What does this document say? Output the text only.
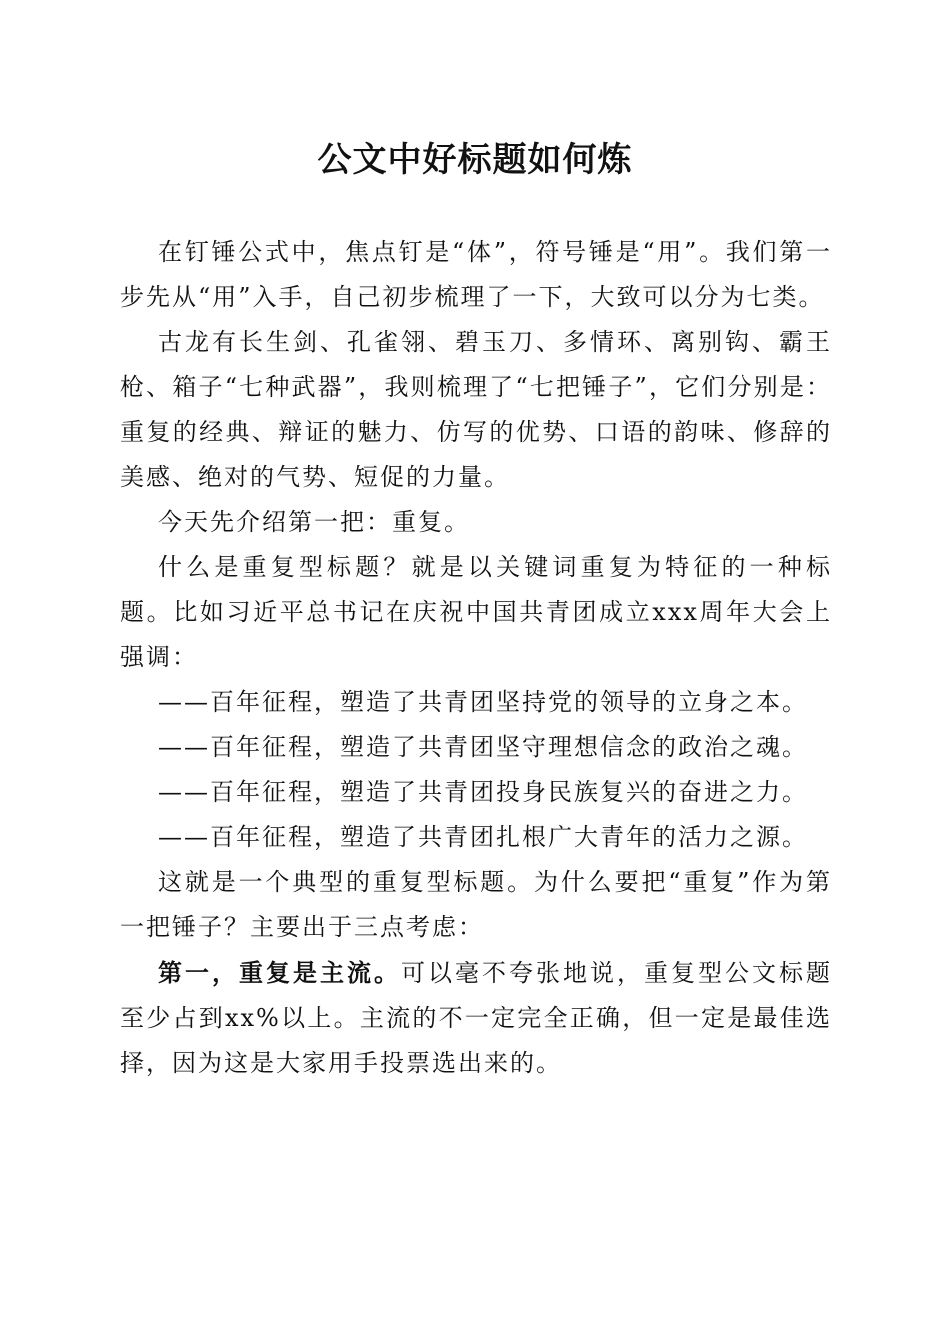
公文中好标题如何炼

在钉锤公式中，焦点钉是“体”，符号锤是“用”。我们第一步先从“用”入手，自己初步梳理了一下，大致可以分为七类。

古龙有长生剑、孔雀翎、碧玉刀、多情环、离别钩、霸王枪、箱子“七种武器”，我则梳理了“七把锤子”，它们分别是：重复的经典、辩证的魅力、仿写的优势、口语的韵味、修辞的美感、绝对的气势、短促的力量。

今天先介绍第一把：重复。

什么是重复型标题？就是以关键词重复为特征的一种标题。比如习近平总书记在庆祝中国共青团成立xxx周年大会上强调：

——百年征程，塑造了共青团坚持党的领导的立身之本。

——百年征程，塑造了共青团坚守理想信念的政治之魂。

——百年征程，塑造了共青团投身民族复兴的奋进之力。

——百年征程，塑造了共青团扎根广大青年的活力之源。

这就是一个典型的重复型标题。为什么要把“重复”作为第一把锤子？主要出于三点考虑：

第一，重复是主流。可以毫不夸张地说，重复型公文标题至少占到xx%以上。主流的不一定完全正确，但一定是最佳选择，因为这是大家用手投票选出来的。
